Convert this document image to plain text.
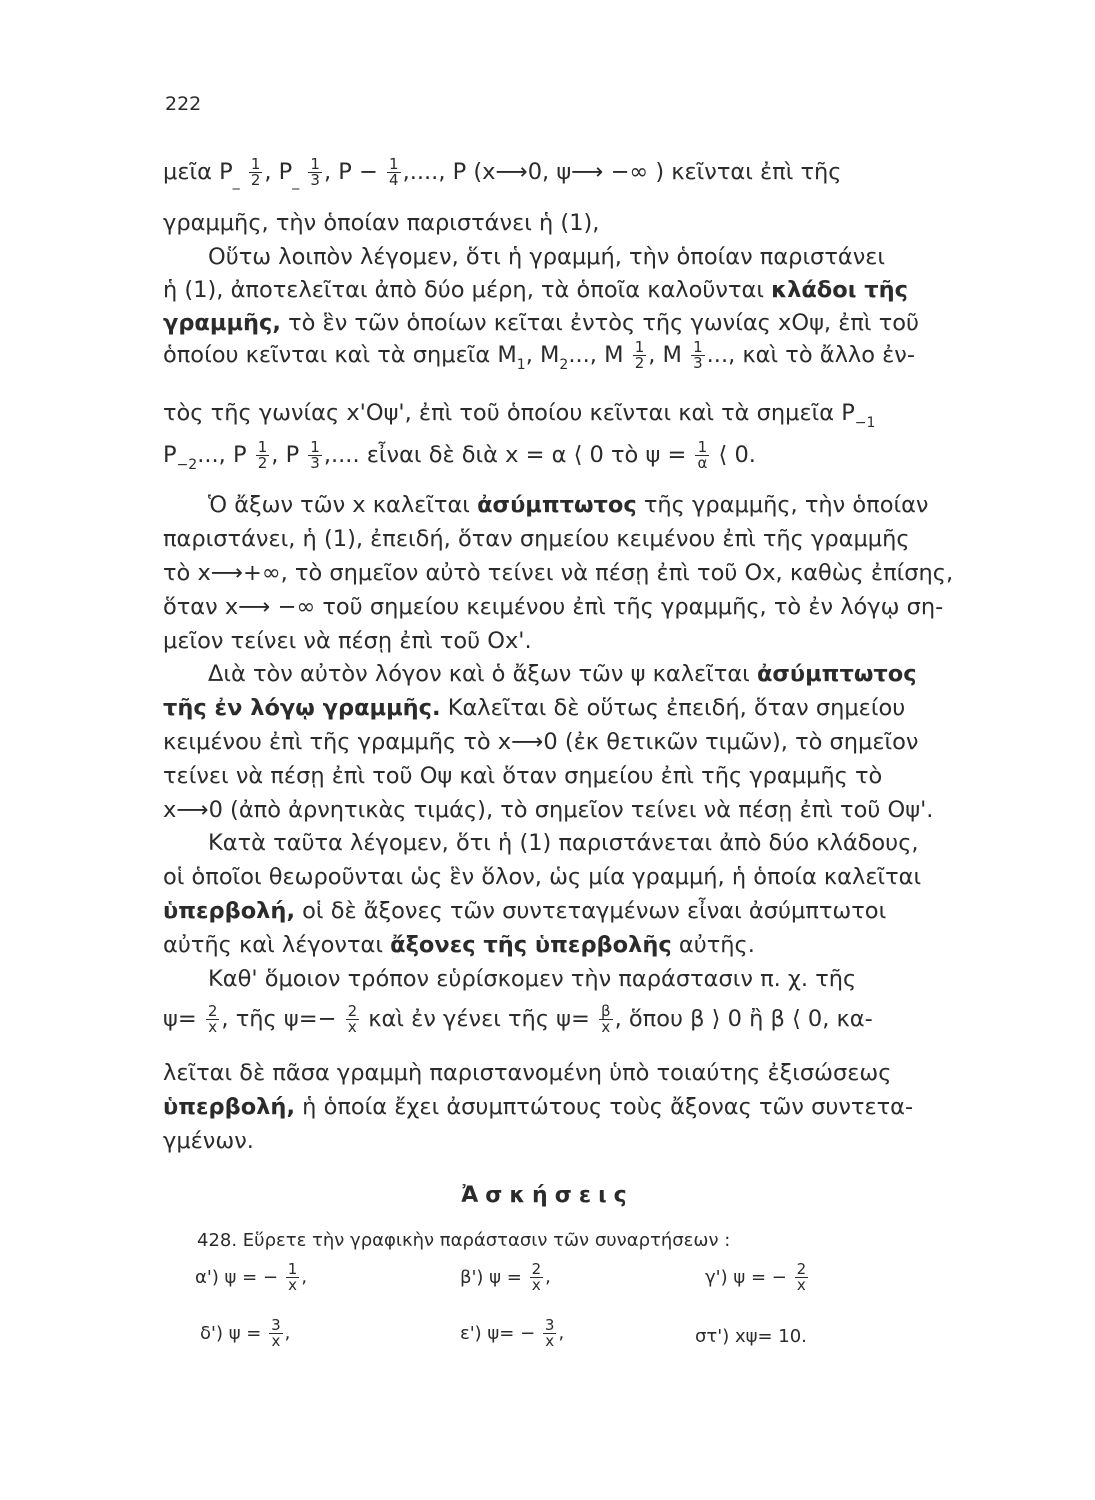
222
μεῖα $P_{\_} \frac{1}{2}$ , $P_{\_} \frac{1}{3}$ , $P - \frac{1}{4}$ ,...., P (x⟶0, ψ⟶ −∞ ) κεῖνται ἐπὶ τῆς
γραμμῆς, τὴν ὁποίαν παριστάνει ἡ (1),
Οὕτω λοιπὸν λέγομεν, ὅτι ἡ γραμμή, τὴν ὁποίαν παριστάνει
ἡ (1), ἀποτελεῖται ἀπὸ δύο μέρη, τὰ ὁποῖα καλοῦνται κλάδοι τῆς
γραμμῆς, τὸ ἓν τῶν ὁποίων κεῖται ἐντὸς τῆς γωνίας xOψ, ἐπὶ τοῦ
ὁποίου κεῖνται καὶ τὰ σημεῖα $M_1$, $M_2$..., M $\frac{1}{2}$ , M $\frac{1}{3}$ ..., καὶ τὸ ἄλλο ἐν-
τὸς τῆς γωνίας x'Oψ', ἐπὶ τοῦ ὁποίου κεῖνται καὶ τὰ σημεῖα $P_{-1}$
$P_{-2}$..., P $\frac{1}{2}$ , P $\frac{1}{3}$ ,.... εἶναι δὲ διὰ x = α ⟨ 0 τὸ $\psi = \frac{1}{\alpha}$ ⟨ 0.
Ὁ ἄξων τῶν x καλεῖται ἀσύμπτωτος τῆς γραμμῆς, τὴν ὁποίαν
παριστάνει, ἡ (1), ἐπειδή, ὅταν σημείου κειμένου ἐπὶ τῆς γραμμῆς
τὸ x⟶+∞, τὸ σημεῖον αὐτὸ τείνει νὰ πέσῃ ἐπὶ τοῦ Ox, καθὼς ἐπίσης,
ὅταν x⟶ −∞ τοῦ σημείου κειμένου ἐπὶ τῆς γραμμῆς, τὸ ἐν λόγῳ ση-
μεῖον τείνει νὰ πέσῃ ἐπὶ τοῦ Ox'.
Διὰ τὸν αὐτὸν λόγον καὶ ὁ ἄξων τῶν ψ καλεῖται ἀσύμπτωτος
τῆς ἐν λόγῳ γραμμῆς. Καλεῖται δὲ οὕτως ἐπειδή, ὅταν σημείου
κειμένου ἐπὶ τῆς γραμμῆς τὸ x⟶0 (ἐκ θετικῶν τιμῶν), τὸ σημεῖον
τείνει νὰ πέσῃ ἐπὶ τοῦ Oψ καὶ ὅταν σημείου ἐπὶ τῆς γραμμῆς τὸ
x⟶0 (ἀπὸ ἀρνητικὰς τιμάς), τὸ σημεῖον τείνει νὰ πέσῃ ἐπὶ τοῦ Oψ'.
Κατὰ ταῦτα λέγομεν, ὅτι ἡ (1) παριστάνεται ἀπὸ δύο κλάδους,
οἱ ὁποῖοι θεωροῦνται ὡς ἓν ὅλον, ὡς μία γραμμή, ἡ ὁποία καλεῖται
ὑπερβολή, οἱ δὲ ἄξονες τῶν συντεταγμένων εἶναι ἀσύμπτωτοι
αὐτῆς καὶ λέγονται ἄξονες τῆς ὑπερβολῆς αὐτῆς.
Καθ' ὅμοιον τρόπον εὑρίσκομεν τὴν παράστασιν π. χ. τῆς
$\psi= \frac{2}{x}$ , τῆς $\psi=- \frac{2}{x}$ καὶ ἐν γένει τῆς $\psi= \frac{\beta}{x}$ , ὅπου β ⟩ 0 ἢ β ⟨ 0, κα-
λεῖται δὲ πᾶσα γραμμὴ παριστανομένη ὑπὸ τοιαύτης ἐξισώσεως
ὑπερβολή, ἡ ὁποία ἔχει ἀσυμπτώτους τοὺς ἄξονας τῶν συντετα-
γμένων.
Ἀσκήσεις
428. Εὕρετε τὴν γραφικὴν παράστασιν τῶν συναρτήσεων :
α') ψ = − $\frac{1}{x}$ ,	β') $\psi = \frac{2}{x}$ ,	γ') ψ = − $\frac{2}{x}$
δ') $\psi = \frac{3}{x}$ ,	ε') $\psi= - \frac{3}{x}$ ,	στ') xψ= 10.
